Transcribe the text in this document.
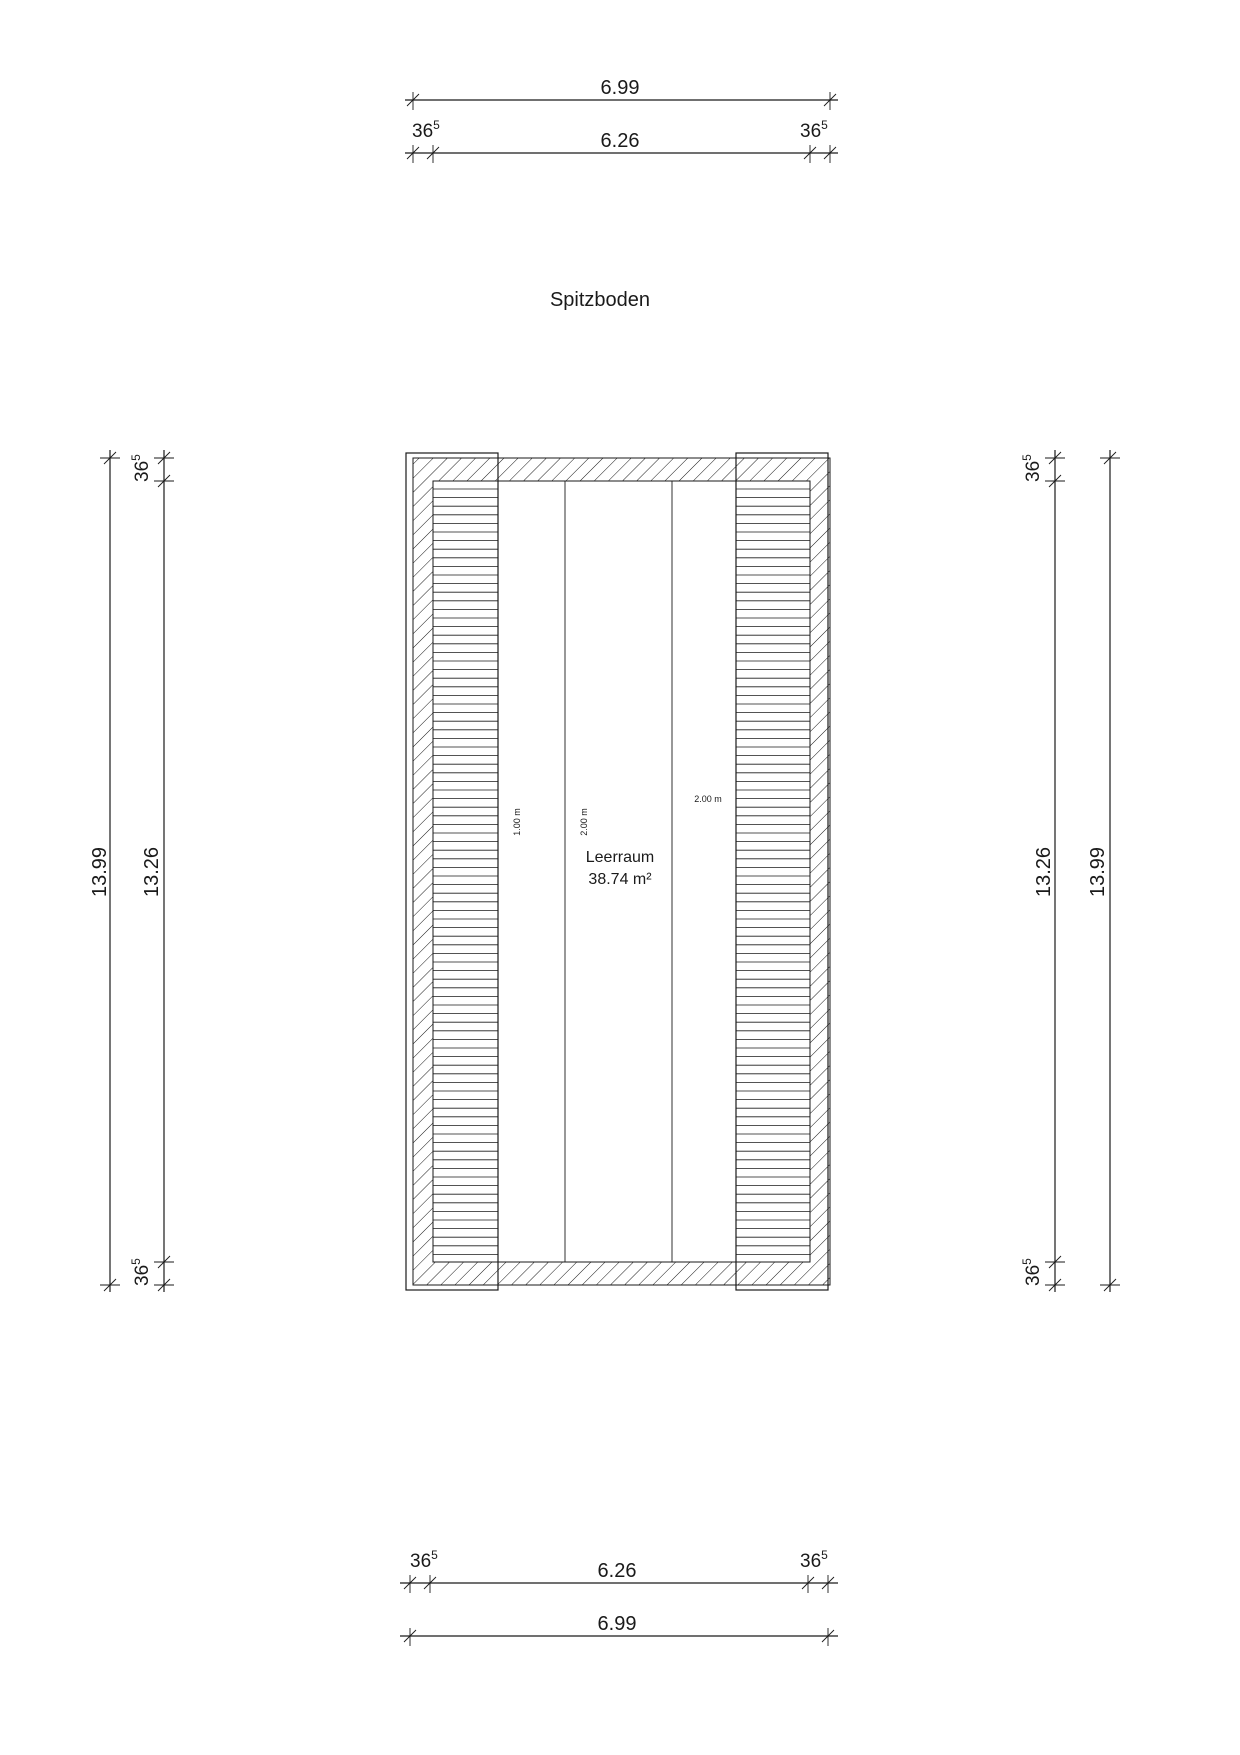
Spitzboden
6.99
6.26
$36^5$	$36^5$
6.26
6.99
$36^5$	$36^5$
13.99 13.26
$36^5$
$36^5$
13.26 13.99
$36^5$
$36^5$
1.00 m	2.00 m
2.00 m
Leerraum
38.74 m²
